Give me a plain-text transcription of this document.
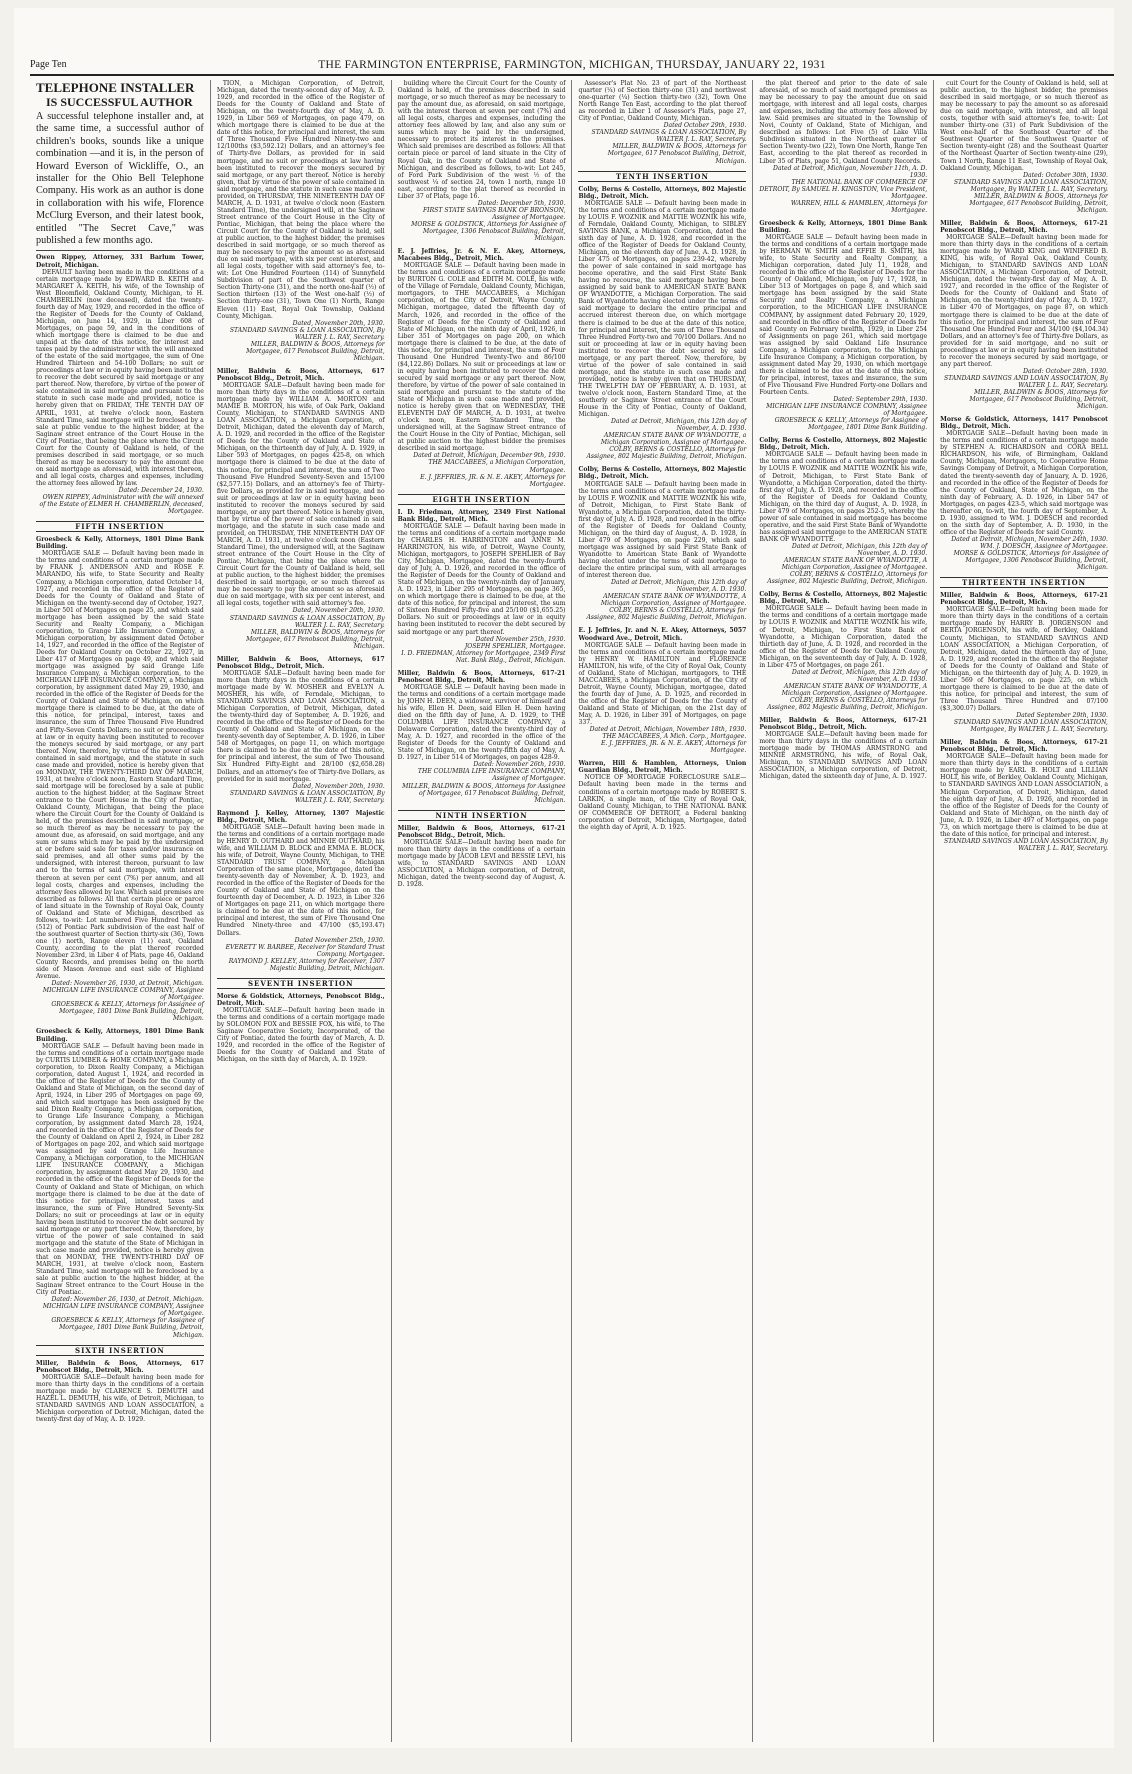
Page Ten	THE FARMINGTON ENTERPRISE, FARMINGTON, MICHIGAN, THURSDAY, JANUARY 22, 1931
TELEPHONE INSTALLER
IS SUCCESSFUL AUTHOR

A successful telephone installer and, at the same time, a successful author of children's books, sounds like a unique combination —and it is, in the person of Howard Everson of Wickliffe, O., an installer for the Ohio Bell Telephone Company. His work as an author is done in collaboration with his wife, Florence McClurg Everson, and their latest book, entitled "The Secret Cave," was published a few months ago.

Owen Rippey, Attorney, 331 Barlum Tower, Detroit, Michigan.

DEFAULT having been made in the conditions of a certain mortgage made by EDWARD B. KEITH and MARGARET A. KEITH, his wife, of the Township of West Bloomfield, Oakland County, Michigan, to H. CHAMBERLIN (now deceased), dated the twenty-fourth day of May, 1929, and recorded in the office of the Register of Deeds for the County of Oakland, Michigan, on June 14, 1929, in Liber 608 of Mortgages, on page 59, and in the conditions of which mortgage there is claimed to be due and unpaid at the date of this notice, for interest and taxes paid by the administrator with the will annexed of the estate of the said mortgagee, the sum of One Hundred Thirteen and 54-100 Dollars; no suit or proceedings at law or in equity having been instituted to recover the debt secured by said mortgage or any part thereof. Now, therefore, by virtue of the power of sale contained in said mortgage and pursuant to the statute in such case made and provided, notice is hereby given that on FRIDAY, THE TENTH DAY OF APRIL, 1931, at twelve o'clock noon, Eastern Standard Time, said mortgage will be foreclosed by a sale at public vendue to the highest bidder, at the Saginaw street entrance of the Court House in the City of Pontiac, that being the place where the Circuit Court for the County of Oakland is held, of the premises described in said mortgage, or so much thereof as may be necessary to pay the amount due on said mortgage as aforesaid, with interest thereon, and all legal costs, charges and expenses, including the attorney fees allowed by law.

Dated: December 24, 1930.

OWEN RIPPEY, Administrator with the will annexed of the Estate of ELMER H. CHAMBERLIN, deceased, Mortgagee.

FIFTH INSERTION

Groesbeck & Kelly, Attorneys, 1801 Dime Bank Building.

MORTGAGE SALE — Default having been made in the terms and conditions of a certain mortgage made by FRANK J. ANDERSON AND and ROSE F. MARANDO, his wife, to State Security and Realty Company, a Michigan corporation, dated October 14, 1927, and recorded in the office of the Register of Deeds for the County of Oakland and State of Michigan on the twenty-second day of October, 1927, in Liber 501 of Mortgages on page 25, and which said mortgage has been assigned by the said State Security and Realty Company, a Michigan corporation, to Grange Life Insurance Company, a Michigan corporation, by assignment dated October 14, 1927, and recorded in the office of the Register of Deeds for Oakland County on October 22, 1927, in Liber 417 of Mortgages on page 49, and which said mortgage was assigned by said Grange Life Insurance Company, a Michigan corporation, to the MICHIGAN LIFE INSURANCE COMPANY, a Michigan corporation, by assignment dated May 29, 1930, and recorded in the office of the Register of Deeds for the County of Oakland and State of Michigan, on which mortgage there is claimed to be due, at the date of this notice, for principal, interest, taxes and insurance, the sum of Three Thousand Five Hundred and Fifty-Seven Cents Dollars; no suit or proceedings at law or in equity having been instituted to recover the moneys secured by said mortgage, or any part thereof. Now, therefore, by virtue of the power of sale contained in said mortgage, and the statute in such case made and provided, notice is hereby given that on MONDAY, THE TWENTY-THIRD DAY OF MARCH, 1931, at twelve o'clock noon, Eastern Standard Time, said mortgage will be foreclosed by a sale at public auction to the highest bidder, at the Saginaw Street entrance to the Court House in the City of Pontiac, Oakland County, Michigan, that being the place where the Circuit Court for the County of Oakland is held, of the premises described in said mortgage, or so much thereof as may be necessary to pay the amount due, as aforesaid, on said mortgage, and any sum or sums which may be paid by the undersigned at or before said sale for taxes and/or insurance on said premises, and all other sums paid by the undersigned, with interest thereon, pursuant to law and to the terms of said mortgage, with interest thereon at seven per cent (7%) per annum, and all legal costs, charges and expenses, including the attorney fees allowed by law. Which said premises are described as follows: All that certain piece or parcel of land situate in the Township of Royal Oak, County of Oakland and State of Michigan, described as follows, to-wit: Lot numbered Five Hundred Twelve (512) of Pontiac Park subdivision of the east half of the southwest quarter of Section thirty-six (36), Town one (1) north, Range eleven (11) east, Oakland County, according to the plat thereof recorded November 23rd, in Liber 4 of Plats, page 46, Oakland County Records, and premises being on the north side of Mason Avenue and east side of Highland Avenue.

Dated: November 26, 1930, at Detroit, Michigan.

MICHIGAN LIFE INSURANCE COMPANY, Assignee of Mortgagee.

GROESBECK & KELLY, Attorneys for Assignee of Mortgagee, 1801 Dime Bank Building, Detroit, Michigan.

Groesbeck & Kelly, Attorneys, 1801 Dime Bank Building.

MORTGAGE SALE — Default having been made in the terms and conditions of a certain mortgage made by CURTIS LUMBER & HOME COMPANY, a Michigan corporation, to Dixon Realty Company, a Michigan corporation, dated August 1, 1924, and recorded in the office of the Register of Deeds for the County of Oakland and State of Michigan, on the second day of April, 1924, in Liber 295 of Mortgages on page 69, and which said mortgage has been assigned by the said Dixon Realty Company, a Michigan corporation, to Grange Life Insurance Company, a Michigan corporation, by assignment dated March 28, 1924, and recorded in the office of the Register of Deeds for the County of Oakland on April 2, 1924, in Liber 282 of Mortgages on page 202, and which said mortgage was assigned by said Grange Life Insurance Company, a Michigan corporation, to the MICHIGAN LIFE INSURANCE COMPANY, a Michigan corporation, by assignment dated May 29, 1930, and recorded in the office of the Register of Deeds for the County of Oakland and State of Michigan, on which mortgage there is claimed to be due at the date of this notice for principal, interest, taxes and insurance, the sum of Five Hundred Seventy-Six Dollars; no suit or proceedings at law or in equity having been instituted to recover the debt secured by said mortgage or any part thereof. Now, therefore, by virtue of the power of sale contained in said mortgage and the statute of the State of Michigan in such case made and provided, notice is hereby given that on MONDAY, THE TWENTY-THIRD DAY OF MARCH, 1931, at twelve o'clock noon, Eastern Standard Time, said mortgage will be foreclosed by a sale at public auction to the highest bidder, at the Saginaw Street entrance to the Court House in the City of Pontiac.

Dated: November 26, 1930, at Detroit, Michigan.

MICHIGAN LIFE INSURANCE COMPANY, Assignee of Mortgagee.

GROESBECK & KELLY, Attorneys for Assignee of Mortgagee, 1801 Dime Bank Building, Detroit, Michigan.

SIXTH INSERTION

Miller, Baldwin & Boos, Attorneys, 617 Penobscot Bldg., Detroit, Mich.

MORTGAGE SALE—Default having been made for more than thirty days in the conditions of a certain mortgage made by CLARENCE S. DEMUTH and HAZEL L. DEMUTH, his wife, of Detroit, Michigan, to STANDARD SAVINGS AND LOAN ASSOCIATION, a Michigan corporation of Detroit, Michigan, dated the twenty-first day of May, A. D. 1929.

TION, a Michigan Corporation, of Detroit, Michigan, dated the twenty-second day of May, A. D. 1929, and recorded in the office of the Register of Deeds for the County of Oakland and State of Michigan, on the twenty-fourth day of May, A. D. 1929, in Liber 569 of Mortgages, on page 479, on which mortgage there is claimed to be due at the date of this notice, for principal and interest, the sum of Three Thousand Five Hundred Ninety-two and 12/100ths ($3,592.12) Dollars, and an attorney's fee of Thirty-five Dollars, as provided for in said mortgage, and no suit or proceedings at law having been instituted to recover the moneys secured by said mortgage, or any part thereof. Notice is hereby given, that by virtue of the power of sale contained in said mortgage, and the statute in such case made and provided, on THURSDAY, THE NINETEENTH DAY OF MARCH, A. D. 1931, at twelve o'clock noon (Eastern Standard Time), the undersigned will, at the Saginaw Street entrance of the Court House in the City of Pontiac, Michigan, that being the place where the Circuit Court for the County of Oakland is held, sell at public auction, to the highest bidder, the premises described in said mortgage, or so much thereof as may be necessary to pay the amount so as aforesaid due on said mortgage, with six per cent interest, and all legal costs, together with said attorney's fee, to-wit: Lot One Hundred Fourteen (114) of Sunnyfield Subdivision of part of the Southwest quarter of Section Thirty-one (31), and the north one-half (½) of Section thirteen (13) of the West one-half (½) of Section thirty-one (31), Town One (1) North, Range Eleven (11) East, Royal Oak Township, Oakland County, Michigan.

Dated, November 20th, 1930.

STANDARD SAVINGS & LOAN ASSOCIATION, By WALTER J. L. RAY, Secretary.

MILLER, BALDWIN & BOOS, Attorneys for Mortgagee, 617 Penobscot Building, Detroit, Michigan.

Miller, Baldwin & Boos, Attorneys, 617 Penobscot Bldg., Detroit, Mich.

MORTGAGE SALE—Default having been made for more than thirty days in the conditions of a certain mortgage made by WILLIAM A. MORTON and MAMIE B. MORTON, his wife, of Oak Park, Oakland County, Michigan, to STANDARD SAVINGS AND LOAN ASSOCIATION, a Michigan Corporation, of Detroit, Michigan, dated the eleventh day of March, A. D. 1929, and recorded in the office of the Register of Deeds for the County of Oakland and State of Michigan, on the thirteenth day of July, A. D. 1929, in Liber 593 of Mortgages, on pages 425-8, on which mortgage there is claimed to be due at the date of this notice, for principal and interest, the sum of Two Thousand Five Hundred Seventy-Seven and 15/100 ($2,577.15) Dollars, and an attorney's fee of Thirty-five Dollars, as provided for in said mortgage, and no suit or proceedings at law or in equity having been instituted to recover the moneys secured by said mortgage, or any part thereof. Notice is hereby given, that by virtue of the power of sale contained in said mortgage, and the statute in such case made and provided, on THURSDAY, THE NINETEENTH DAY OF MARCH, A. D. 1931, at twelve o'clock noon (Eastern Standard Time), the undersigned will, at the Saginaw street entrance of the Court House in the City of Pontiac, Michigan, that being the place where the Circuit Court for the County of Oakland is held, sell at public auction, to the highest bidder, the premises described in said mortgage, or so much thereof as may be necessary to pay the amount so as aforesaid due on said mortgage, with six per cent interest, and all legal costs, together with said attorney's fee.

Dated, November 20th, 1930.

STANDARD SAVINGS & LOAN ASSOCIATION, By WALTER J. L. RAY, Secretary.

MILLER, BALDWIN & BOOS, Attorneys for Mortgagee, 617 Penobscot Building, Detroit, Michigan.

Miller, Baldwin & Boos, Attorneys, 617 Penobscot Bldg., Detroit, Mich.

MORTGAGE SALE—Default having been made for more than thirty days in the conditions of a certain mortgage made by W. MOSHER and EVELYN A. MOSHER, his wife, of Ferndale, Michigan, to STANDARD SAVINGS AND LOAN ASSOCIATION, a Michigan Corporation, of Detroit, Michigan, dated the twenty-third day of September, A. D. 1926, and recorded in the office of the Register of Deeds for the County of Oakland and State of Michigan, on the twenty-seventh day of September, A. D. 1926, in Liber 548 of Mortgages, on page 11, on which mortgage there is claimed to be due at the date of this notice, for principal and interest, the sum of Two Thousand Six Hundred Fifty-Eight and 28/100 ($2,658.28) Dollars, and an attorney's fee of Thirty-five Dollars, as provided for in said mortgage.

Dated, November 20th, 1930.

STANDARD SAVINGS & LOAN ASSOCIATION, By WALTER J. L. RAY, Secretary.

Raymond J. Kelley, Attorney, 1307 Majestic Bldg., Detroit, Mich.

MORTGAGE SALE—Default having been made in the terms and conditions of a certain mortgage made by HENRY D. OUTHARD and MINNIE OUTHARD, his wife, and WILLIAM D. BLOCK and EMMA E. BLOCK, his wife, of Detroit, Wayne County, Michigan, to THE STANDARD TRUST COMPANY, a Michigan Corporation of the same place, Mortgagee, dated the twenty-seventh day of November, A. D. 1923, and recorded in the office of the Register of Deeds for the County of Oakland and State of Michigan on the fourteenth day of December, A. D. 1923, in Liber 326 of Mortgages on page 211, on which mortgage there is claimed to be due at the date of this notice, for principal and interest, the sum of Five Thousand One Hundred Ninety-three and 47/100 ($5,193.47) Dollars.

Dated November 25th, 1930.

EVERETT W. BARBEE, Receiver for Standard Trust Company, Mortgagee.

RAYMOND J. KELLEY, Attorney for Receiver, 1307 Majestic Building, Detroit, Michigan.

SEVENTH INSERTION

Morse & Goldstick, Attorneys, Penobscot Bldg., Detroit, Mich.

MORTGAGE SALE—Default having been made in the terms and conditions of a certain mortgage made by SOLOMON FOX and BESSIE FOX, his wife, to The Saginaw Cooperative Society, Incorporated, of the City of Pontiac, dated the fourth day of March, A. D. 1929, and recorded in the office of the Register of Deeds for the County of Oakland and State of Michigan, on the sixth day of March, A. D. 1929.

building where the Circuit Court for the County of Oakland is held, of the premises described in said mortgage, or so much thereof as may be necessary to pay the amount due, as aforesaid, on said mortgage, with the interest thereon at seven per cent (7%) and all legal costs, charges and expenses, including the attorney fees allowed by law, and also any sum or sums which may be paid by the undersigned, necessary to protect its interest in the premises. Which said premises are described as follows: All that certain piece or parcel of land situate in the City of Royal Oak, in the County of Oakland and State of Michigan, and described as follows, to-wit: Lot 245, of Ford Park Subdivision of the west ½ of the southwest ¼ of section 24, town 1 north, range 10 east, according to the plat thereof as recorded in Liber 37 of Plats, page 16.

Dated: December 5th, 1930.

FIRST STATE SAVINGS BANK OF BRONSON, Assignee of Mortgagee.

MORSE & GOLDSTICK, Attorneys for Assignee of Mortgagee, 1306 Penobscot Building, Detroit, Michigan.

E. J. Jeffries, Jr. & N. E. Akey, Attorneys, Macabees Bldg., Detroit, Mich.

MORTGAGE SALE — Default having been made in the terms and conditions of a certain mortgage made by BURTON G. COLE and EDITH M. COLE, his wife, of the Village of Ferndale, Oakland County, Michigan, mortgagors, to THE MACCABEES, a Michigan corporation, of the City of Detroit, Wayne County, Michigan, mortgagee, dated the fifteenth day of March, 1926, and recorded in the office of the Register of Deeds for the County of Oakland and State of Michigan, on the ninth day of April, 1926, in Liber 351 of Mortgages on page 200, on which mortgage there is claimed to be due, at the date of this notice, for principal and interest, the sum of Four Thousand One Hundred Twenty-Two and 86/100 ($4,122.86) Dollars. No suit or proceedings at law or in equity having been instituted to recover the debt secured by said mortgage or any part thereof. Now, therefore, by virtue of the power of sale contained in said mortgage and pursuant to the statute of the State of Michigan in such case made and provided, notice is hereby given that on WEDNESDAY, THE ELEVENTH DAY OF MARCH, A. D. 1931, at twelve o'clock noon, Eastern Standard Time, the undersigned will, at the Saginaw Street entrance of the Court House in the City of Pontiac, Michigan, sell at public auction to the highest bidder the premises described in said mortgage.

Dated at Detroit, Michigan, December 9th, 1930.

THE MACCABEES, a Michigan Corporation, Mortgagee.

E. J. JEFFRIES, JR. & N. E. AKEY, Attorneys for Mortgagee.

EIGHTH INSERTION

I. D. Friedman, Attorney, 2349 First National Bank Bldg., Detroit, Mich.

MORTGAGE SALE — Default having been made in the terms and conditions of a certain mortgage made by CHARLES H. HARRINGTON and ANNE M. HARRINGTON, his wife, of Detroit, Wayne County, Michigan, mortgagors, to JOSEPH SPEHLIER of Bay City, Michigan, Mortgagee, dated the twenty-fourth day of July, A. D. 1926, and recorded in the office of the Register of Deeds for the County of Oakland and State of Michigan, on the twenty-ninth day of January, A. D. 1923, in Liber 295 of Mortgages, on page 365, on which mortgage there is claimed to be due, at the date of this notice, for principal and interest, the sum of Sixteen Hundred Fifty-five and 25/100 ($1,655.25) Dollars. No suit or proceedings at law or in equity having been instituted to recover the debt secured by said mortgage or any part thereof.

Dated November 25th, 1930.

JOSEPH SPEHLIER, Mortgagee.

I. D. FRIEDMAN, Attorney for Mortgagee, 2349 First Nat. Bank Bldg., Detroit, Michigan.

Miller, Baldwin & Boos, Attorneys, 617-21 Penobscot Bldg., Detroit, Mich.

MORTGAGE SALE — Default having been made in the terms and conditions of a certain mortgage made by JOHN H. DEEN, a widower, survivor of himself and his wife, Ellen H. Deen, said Ellen H. Deen having died on the fifth day of June, A. D. 1929, to THE COLUMBIA LIFE INSURANCE COMPANY, a Delaware Corporation, dated the twenty-third day of May, A. D. 1927, and recorded in the office of the Register of Deeds for the County of Oakland and State of Michigan, on the twenty-fifth day of May, A. D. 1927, in Liber 514 of Mortgages, on pages 428-9.

Dated: November 26th, 1930.

THE COLUMBIA LIFE INSURANCE COMPANY, Assignee of Mortgagee.

MILLER, BALDWIN & BOOS, Attorneys for Assignee of Mortgagee, 617 Penobscot Building, Detroit, Michigan.

NINTH INSERTION

Miller, Baldwin & Boos, Attorneys, 617-21 Penobscot Bldg., Detroit, Mich.

MORTGAGE SALE—Default having been made for more than thirty days in the conditions of a certain mortgage made by JACOB LEVI and BESSIE LEVI, his wife, to STANDARD SAVINGS AND LOAN ASSOCIATION, a Michigan corporation, of Detroit, Michigan, dated the twenty-second day of August, A. D. 1928.

Assessor's Plat No. 23 of part of the Northeast quarter (¼) of Section thirty-one (31) and northwest one-quarter (¼) Section thirty-two (32), Town One North Range Ten East, according to the plat thereof as recorded in Liber 1 of Assessor's Plats, page 27, City of Pontiac, Oakland County, Michigan.

Dated October 29th, 1930.

STANDARD SAVINGS & LOAN ASSOCIATION, By WALTER J. L. RAY, Secretary.

MILLER, BALDWIN & BOOS, Attorneys for Mortgagee, 617 Penobscot Building, Detroit, Michigan.

TENTH INSERTION

Colby, Berns & Costello, Attorneys, 802 Majestic Bldg., Detroit, Mich.

MORTGAGE SALE — Default having been made in the terms and conditions of a certain mortgage made by LOUIS F. WOZNIK and MATTIE WOZNIK his wife, of Ferndale, Oakland County, Michigan, to SIBLEY SAVINGS BANK, a Michigan Corporation, dated the sixth day of June, A. D. 1928, and recorded in the office of the Register of Deeds for Oakland County, Michigan, on the eleventh day of June, A. D. 1928, in Liber 475 of Mortgages, on pages 239-42, whereby the power of sale contained in said mortgage has become operative, and the said First State Bank having no recourse, the said mortgage having been assigned by said bank to AMERICAN STATE BANK OF WYANDOTTE, a Michigan Corporation. The said Bank of Wyandotte having elected under the terms of said mortgage to declare the entire principal and accrued interest thereon due, on which mortgage there is claimed to be due at the date of this notice, for principal and interest, the sum of Three Thousand Three Hundred Forty-two and 70/100 Dollars. And no suit or proceeding at law or in equity having been instituted to recover the debt secured by said mortgage, or any part thereof. Now, therefore, by virtue of the power of sale contained in said mortgage, and the statute in such case made and provided, notice is hereby given that on THURSDAY, THE TWELFTH DAY OF FEBRUARY, A. D. 1931, at twelve o'clock noon, Eastern Standard Time, at the southerly or Saginaw Street entrance of the Court House in the City of Pontiac, County of Oakland, Michigan.

Dated at Detroit, Michigan, this 12th day of November, A. D. 1930.

AMERICAN STATE BANK OF WYANDOTTE, a Michigan Corporation, Assignee of Mortgagee.

COLBY, BERNS & COSTELLO, Attorneys for Assignee, 802 Majestic Building, Detroit, Michigan.

Colby, Berns & Costello, Attorneys, 802 Majestic Bldg., Detroit, Mich.

MORTGAGE SALE — Default having been made in the terms and conditions of a certain mortgage made by LOUIS F. WOZNIK and MATTIE WOZNIK his wife, of Detroit, Michigan, to First State Bank of Wyandotte, a Michigan Corporation, dated the thirty-first day of July, A. D. 1928, and recorded in the office of the Register of Deeds for Oakland County, Michigan, on the third day of August, A. D. 1928, in Liber 479 of Mortgages, on page 229, which said mortgage was assigned by said First State Bank of Wyandotte to American State Bank of Wyandotte having elected under the terms of said mortgage to declare the entire principal sum, with all arrearages of interest thereon due.

Dated at Detroit, Michigan, this 12th day of November, A. D. 1930.

AMERICAN STATE BANK OF WYANDOTTE, A Michigan Corporation, Assignee of Mortgagee.

COLBY, BERNS & COSTELLO, Attorneys for Assignee, 802 Majestic Building, Detroit, Michigan.

E. J. Jeffries, Jr. and N. E. Akey, Attorneys, 5057 Woodward Ave., Detroit, Mich.

MORTGAGE SALE — Default having been made in the terms and conditions of a certain mortgage made by HENRY W. HAMILTON and FLORENCE HAMILTON, his wife, of the City of Royal Oak, County of Oakland, State of Michigan, mortgagors, to THE MACCABEES, a Michigan Corporation, of the City of Detroit, Wayne County, Michigan, mortgagee, dated the fourth day of June, A. D. 1925, and recorded in the office of the Register of Deeds for the County of Oakland and State of Michigan, on the 21st day of May, A. D. 1926, in Liber 391 of Mortgages, on page 337.

Dated at Detroit, Michigan, November 18th, 1930.

THE MACCABEES, A Mich. Corp., Mortgagee.

E. J. JEFFRIES, JR. & N. E. AKEY, Attorneys for Mortgagee.

Warren, Hill & Hamblen, Attorneys, Union Guardian Bldg., Detroit, Mich.

NOTICE OF MORTGAGE FORECLOSURE SALE—Default having been made in the terms and conditions of a certain mortgage made by ROBERT S. LARKIN, a single man, of the City of Royal Oak, Oakland County, Michigan, to THE NATIONAL BANK OF COMMERCE OF DETROIT, a Federal banking corporation of Detroit, Michigan, Mortgagee, dated the eighth day of April, A. D. 1925.

the plat thereof and prior to the date of sale aforesaid, of so much of said mortgaged premises as may be necessary to pay the amount due on said mortgage, with interest and all legal costs, charges and expenses, including the attorney fees allowed by law. Said premises are situated in the Township of Novi, County of Oakland, State of Michigan, and described as follows: Lot Five (5) of Lake Villa Subdivision situated in the Northeast quarter of Section Twenty-two (22), Town One North, Range Ten East, according to the plat thereof as recorded in Liber 35 of Plats, page 51, Oakland County Records.

Dated at Detroit, Michigan, November 11th, A. D. 1930.

THE NATIONAL BANK OF COMMERCE OF DETROIT, By SAMUEL H. KINGSTON, Vice President, Mortgagee.

WARREN, HILL & HAMBLEN, Attorneys for Mortgagee.

Groesbeck & Kelly, Attorneys, 1801 Dime Bank Building.

MORTGAGE SALE — Default having been made in the terms and conditions of a certain mortgage made by HERMAN W. SMITH and EFFIE B. SMITH, his wife, to State Security and Realty Company, a Michigan corporation, dated July 11, 1928, and recorded in the office of the Register of Deeds for the County of Oakland, Michigan, on July 17, 1928, in Liber 513 of Mortgages on page 8, and which said mortgage has been assigned by the said State Security and Realty Company, a Michigan corporation, to the MICHIGAN LIFE INSURANCE COMPANY, by assignment dated February 20, 1929, and recorded in the office of the Register of Deeds for said County on February twelfth, 1929, in Liber 254 of Assignments on page 261, which said mortgage was assigned by said Oakland Life Insurance Company, a Michigan corporation, to the Michigan Life Insurance Company, a Michigan corporation, by assignment dated May 29, 1930, on which mortgage there is claimed to be due at the date of this notice, for principal, interest, taxes and insurance, the sum of Five Thousand Five Hundred Forty-one Dollars and Fourteen Cents.

Dated: September 29th, 1930.

MICHIGAN LIFE INSURANCE COMPANY, Assignee of Mortgagee.

GROESBECK & KELLY, Attorneys for Assignee of Mortgagee, 1801 Dime Bank Building.

Colby, Berns & Costello, Attorneys, 802 Majestic Bldg., Detroit, Mich.

MORTGAGE SALE — Default having been made in the terms and conditions of a certain mortgage made by LOUIS F. WOZNIK and MATTIE WOZNIK his wife, of Detroit, Michigan, to First State Bank of Wyandotte, a Michigan Corporation, dated the thirty-first day of July, A. D. 1928, and recorded in the office of the Register of Deeds for Oakland County, Michigan, on the third day of August, A. D. 1928, in Liber 479 of Mortgages, on pages 252-5, whereby the power of sale contained in said mortgage has become operative, and the said First State Bank of Wyandotte has assigned said mortgage to the AMERICAN STATE BANK OF WYANDOTTE.

Dated at Detroit, Michigan, this 12th day of November, A. D. 1930.

AMERICAN STATE BANK OF WYANDOTTE, A Michigan Corporation, Assignee of Mortgagee.

COLBY, BERNS & COSTELLO, Attorneys for Assignee, 802 Majestic Building, Detroit, Michigan.

Colby, Berns & Costello, Attorneys, 802 Majestic Bldg., Detroit, Mich.

MORTGAGE SALE — Default having been made in the terms and conditions of a certain mortgage made by LOUIS F. WOZNIK and MATTIE WOZNIK his wife, of Detroit, Michigan, to First State Bank of Wyandotte, a Michigan Corporation, dated the thirtieth day of June, A. D. 1928, and recorded in the office of the Register of Deeds for Oakland County, Michigan, on the seventeenth day of July, A. D. 1928, in Liber 475 of Mortgages, on page 261.

Dated at Detroit, Michigan, this 12th day of November, A. D. 1930.

AMERICAN STATE BANK OF WYANDOTTE, A Michigan Corporation, Assignee of Mortgagee.

COLBY, BERNS & COSTELLO, Attorneys for Assignee, 802 Majestic Building, Detroit, Michigan.

Miller, Baldwin & Boos, Attorneys, 617-21 Penobscot Bldg., Detroit, Mich.

MORTGAGE SALE—Default having been made for more than thirty days in the conditions of a certain mortgage made by THOMAS ARMSTRONG and MINNIE ARMSTRONG, his wife, of Royal Oak, Michigan, to STANDARD SAVINGS AND LOAN ASSOCIATION, a Michigan corporation, of Detroit, Michigan, dated the sixteenth day of June, A. D. 1927.

cuit Court for the County of Oakland is held, sell at public auction, to the highest bidder, the premises described in said mortgage, or so much thereof as may be necessary to pay the amount so as aforesaid due on said mortgage, with interest, and all legal costs, together with said attorney's fee, to-wit: Lot number thirty-one (31) of Park Subdivision of the West one-half of the Southeast Quarter of the Southwest Quarter of the Southwest Quarter of Section twenty-eight (28) and the Southeast Quarter of the Northeast Quarter of Section twenty-nine (29), Town 1 North, Range 11 East, Township of Royal Oak, Oakland County, Michigan.

Dated: October 30th, 1930.

STANDARD SAVINGS AND LOAN ASSOCIATION, Mortgagee, By WALTER J. L. RAY, Secretary.

MILLER, BALDWIN & BOOS, Attorneys for Mortgagee, 617 Penobscot Building, Detroit, Michigan.

Miller, Baldwin & Boos, Attorneys, 617-21 Penobscot Bldg., Detroit, Mich.

MORTGAGE SALE—Default having been made for more than thirty days in the conditions of a certain mortgage made by WARD KING and WINIFRED B. KING, his wife, of Royal Oak, Oakland County, Michigan, to STANDARD SAVINGS AND LOAN ASSOCIATION, a Michigan Corporation, of Detroit, Michigan, dated the twenty-first day of May, A. D. 1927, and recorded in the office of the Register of Deeds for the County of Oakland and State of Michigan, on the twenty-third day of May, A. D. 1927, in Liber 470 of Mortgages, on page 87, on which mortgage there is claimed to be due at the date of this notice, for principal and interest, the sum of Four Thousand One Hundred Four and 34/100 ($4,104.34) Dollars, and an attorney's fee of Thirty-five Dollars, as provided for in said mortgage, and no suit or proceedings at law or in equity having been instituted to recover the moneys secured by said mortgage, or any part thereof.

Dated: October 28th, 1930.

STANDARD SAVINGS AND LOAN ASSOCIATION, By WALTER J. L. RAY, Secretary.

MILLER, BALDWIN & BOOS, Attorneys for Mortgagee, 617 Penobscot Building, Detroit, Michigan.

Morse & Goldstick, Attorneys, 1417 Penobscot Bldg., Detroit, Mich.

MORTGAGE SALE—Default having been made in the terms and conditions of a certain mortgage made by STEPHEN A. RICHARDSON and CORA BELL RICHARDSON, his wife, of Birmingham, Oakland County, Michigan, Mortgagors, to Cooperative Home Savings Company of Detroit, a Michigan Corporation, dated the twenty-seventh day of January, A. D. 1926, and recorded in the office of the Register of Deeds for the County of Oakland, State of Michigan, on the ninth day of February, A. D. 1926, in Liber 547 of Mortgages, on pages 423-5, which said mortgage was thereafter on, to-wit, the fourth day of September, A. D. 1930, assigned to WM. J. DOESCH and recorded on the sixth day of September, A. D. 1930, in the office of the Register of Deeds for said County.

Dated at Detroit, Michigan, November 24th, 1930.

WM. J. DOESCH, Assignee of Mortgagee.

MORSE & GOLDSTICK, Attorneys for Assignee of Mortgagee, 1306 Penobscot Building, Detroit, Michigan.

THIRTEENTH INSERTION

Miller, Baldwin & Boos, Attorneys, 617-21 Penobscot Bldg., Detroit, Mich.

MORTGAGE SALE—Default having been made for more than thirty days in the conditions of a certain mortgage made by HARRY B. JORGENSON and BERTA JORGENSON, his wife, of Berkley, Oakland County, Michigan, to STANDARD SAVINGS AND LOAN ASSOCIATION, a Michigan Corporation, of Detroit, Michigan, dated the thirteenth day of June, A. D. 1929, and recorded in the office of the Register of Deeds for the County of Oakland and State of Michigan, on the thirteenth day of July, A. D. 1929, in Liber 569 of Mortgages, on page 225, on which mortgage there is claimed to be due at the date of this notice, for principal and interest, the sum of Three Thousand Three Hundred and 07/100 ($3,300.07) Dollars.

Dated September 29th, 1930.

STANDARD SAVINGS AND LOAN ASSOCIATION, Mortgagee, By WALTER J. L. RAY, Secretary.

Miller, Baldwin & Boos, Attorneys, 617-21 Penobscot Bldg., Detroit, Mich.

MORTGAGE SALE—Default having been made for more than thirty days in the conditions of a certain mortgage made by EARL B. HOLT and LILLIAN HOLT, his wife, of Berkley, Oakland County, Michigan, to STANDARD SAVINGS AND LOAN ASSOCIATION, a Michigan Corporation, of Detroit, Michigan, dated the eighth day of June, A. D. 1926, and recorded in the office of the Register of Deeds for the County of Oakland and State of Michigan, on the ninth day of June, A. D. 1926, in Liber 497 of Mortgages, on page 73, on which mortgage there is claimed to be due at the date of this notice, for principal and interest.

STANDARD SAVINGS AND LOAN ASSOCIATION, By WALTER J. L. RAY, Secretary.
